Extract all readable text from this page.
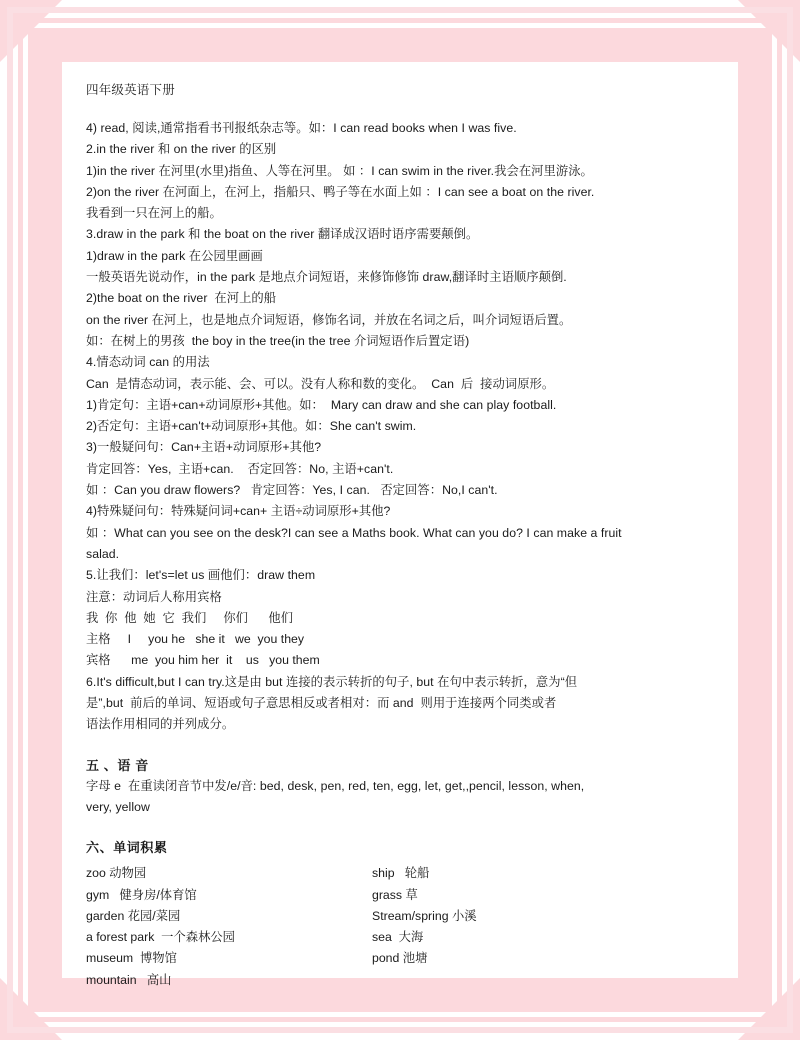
四年级英语下册

4) read, 阅读,通常指看书刊报纸杂志等。如：I can read books when I was five.

2.in the river 和 on the river 的区别

1)in the river 在河里(水里)指鱼、人等在河里。 如 ：I can swim in the river.我会在河里游泳。

2)on the river 在河面上，在河上，指船只、鸭子等在水面上如 ：I can see a boat on the river.

我看到一只在河上的船。

3.draw in the park 和 the boat on the river 翻译成汉语时语序需要颠倒。

1)draw in the park 在公园里画画

一般英语先说动作，in the park 是地点介词短语，来修饰修饰 draw,翻译时主语顺序颠倒.

2)the boat on the river  在河上的船

on the river 在河上，也是地点介词短语，修饰名词，并放在名词之后，叫介词短语后置。

如：在树上的男孩  the boy in the tree(in the tree 介词短语作后置定语)

4.情态动词 can 的用法

Can  是情态动词，表示能、会、可以。没有人称和数的变化。  Can  后  接动词原形。

1)肯定句：主语+can+动词原形+其他。如：  Mary can draw and she can play football.

2)否定句：主语+can't+动词原形+其他。如：She can't swim.

3)一般疑问句：Can+主语+动词原形+其他?

肯定回答：Yes,  主语+can.    否定回答：No, 主语+can't.

如 ：Can you draw flowers?   肯定回答：Yes, I can.   否定回答：No,I can't.

4)特殊疑问句：特殊疑问词+can+ 主语÷动词原形+其他?

如 ：What can you see on the desk?I can see a Maths book. What can you do? I can make a fruit

salad.

5.让我们：let's=let us 画他们：draw them

注意：动词后人称用宾格

我  你  他  她  它  我们     你们      他们
主格     I     you he   she it   we  you they
宾格      me  you him her  it    us   you them

6.It's difficult,but I can try.这是由 but 连接的表示转折的句子, but 在句中表示转折，意为“但

是”,but  前后的单词、短语或句子意思相反或者相对：而 and  则用于连接两个同类或者

语法作用相同的并列成分。

五 、语 音

字母 e  在重读闭音节中发/e/音: bed, desk, pen, red, ten, egg, let, get,,pencil, lesson, when,

very, yellow

六、单词积累

zoo 动物园
gym   健身房/体育馆
garden 花园/菜园
a forest park  一个森林公园
museum  博物馆
mountain   高山
ship   轮船
grass 草
Stream/spring 小溪
sea  大海
pond 池塘
